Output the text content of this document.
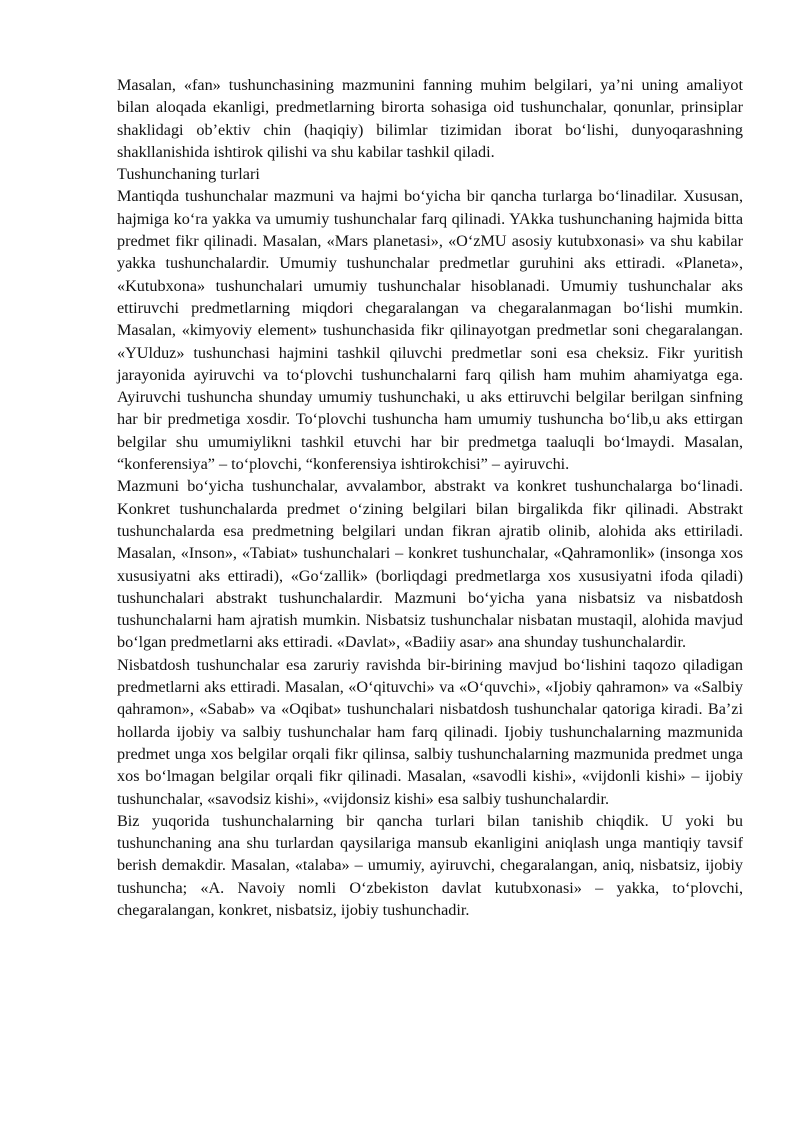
Masalan, «fan» tushunchasining mazmunini fanning muhim belgilari, ya’ni uning amaliyot bilan aloqada ekanligi, predmetlarning birorta sohasiga oid tushunchalar, qonunlar, prinsiplar shaklidagi ob’ektiv chin (haqiqiy) bilimlar tizimidan iborat bo‘lishi, dunyoqarashning shakllanishida ishtirok qilishi va shu kabilar tashkil qiladi.

Tushunchaning turlari

Mantiqda tushunchalar mazmuni va hajmi bo‘yicha bir qancha turlarga bo‘linadilar. Xususan, hajmiga ko‘ra yakka va umumiy tushunchalar farq qilinadi. YAkka tushunchaning hajmida bitta predmet fikr qilinadi. Masalan, «Mars planetasi», «O‘zMU asosiy kutubxonasi» va shu kabilar yakka tushunchalardir. Umumiy tushunchalar predmetlar guruhini aks ettiradi. «Planeta», «Kutubxona» tushunchalari umumiy tushunchalar hisoblanadi. Umumiy tushunchalar aks ettiruvchi predmetlarning miqdori chegaralangan va chegaralanmagan bo‘lishi mumkin. Masalan, «kimyoviy element» tushunchasida fikr qilinayotgan predmetlar soni chegaralangan. «YUlduz» tushunchasi hajmini tashkil qiluvchi predmetlar soni esa cheksiz. Fikr yuritish jarayonida ayiruvchi va to‘plovchi tushunchalarni farq qilish ham muhim ahamiyatga ega. Ayiruvchi tushuncha shunday umumiy tushunchaki, u aks ettiruvchi belgilar berilgan sinfning har bir predmetiga xosdir. To‘plovchi tushuncha ham umumiy tushuncha bo‘lib,u aks ettirgan belgilar shu umumiylikni tashkil etuvchi har bir predmetga taaluqli bo‘lmaydi. Masalan, “konferensiya” – to‘plovchi, “konferensiya ishtirokchisi” – ayiruvchi.

Mazmuni bo‘yicha tushunchalar, avvalambor, abstrakt va konkret tushunchalarga bo‘linadi. Konkret tushunchalarda predmet o‘zining belgilari bilan birgalikda fikr qilinadi. Abstrakt tushunchalarda esa predmetning belgilari undan fikran ajratib olinib, alohida aks ettiriladi. Masalan, «Inson», «Tabiat» tushunchalari – konkret tushunchalar, «Qahramonlik» (insonga xos xususiyatni aks ettiradi), «Go‘zallik» (borliqdagi predmetlarga xos xususiyatni ifoda qiladi) tushunchalari abstrakt tushunchalardir. Mazmuni bo‘yicha yana nisbatsiz va nisbatdosh tushunchalarni ham ajratish mumkin. Nisbatsiz tushunchalar nisbatan mustaqil, alohida mavjud bo‘lgan predmetlarni aks ettiradi. «Davlat», «Badiiy asar» ana shunday tushunchalardir.

Nisbatdosh tushunchalar esa zaruriy ravishda bir-birining mavjud bo‘lishini taqozo qiladigan predmetlarni aks ettiradi. Masalan, «O‘qituvchi» va «O‘quvchi», «Ijobiy qahramon» va «Salbiy qahramon», «Sabab» va «Oqibat» tushunchalari nisbatdosh tushunchalar qatoriga kiradi. Ba’zi hollarda ijobiy va salbiy tushunchalar ham farq qilinadi. Ijobiy tushunchalarning mazmunida predmet unga xos belgilar orqali fikr qilinsa, salbiy tushunchalarning mazmunida predmet unga xos bo‘lmagan belgilar orqali fikr qilinadi. Masalan, «savodli kishi», «vijdonli kishi» – ijobiy tushunchalar, «savodsiz kishi», «vijdonsiz kishi» esa salbiy tushunchalardir.

Biz yuqorida tushunchalarning bir qancha turlari bilan tanishib chiqdik. U yoki bu tushunchaning ana shu turlardan qaysilariga mansub ekanligini aniqlash unga mantiqiy tavsif berish demakdir. Masalan, «talaba» – umumiy, ayiruvchi, chegaralangan, aniq, nisbatsiz, ijobiy tushuncha; «A. Navoiy nomli O‘zbekiston davlat kutubxonasi» – yakka, to‘plovchi, chegaralangan, konkret, nisbatsiz, ijobiy tushunchadir.
